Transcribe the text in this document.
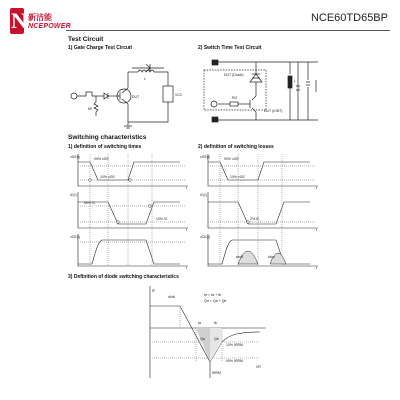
N 新洁能
NCEPOWER
NCE60TD65BP
Test Circuit
1) Gate Charge Test Circuit	2) Switch Time Test Circuit
DUT	VCC
5K
L
DUT (Diode)
DUT (IGBT)
RG
L
Switching characteristics
1) definition of switching times	2) definition of switching losses
vGE(t)
iC(t)
vCE(t)
90% vGE
10% vGE
90% iC
10% iC
t
t
t
vGE(t)
iC(t)
vCE(t)
90% vGE
10% vGE
2% iC
tdoff	tdon
t
t
t
3) Definition of diode switching characteristics
IF
di/dt	trr = ta + tb
Qrr = Qa + Qb
ta	tb
Qa	Qb
10% IRRM
90% IRRM
IRRM
VR
